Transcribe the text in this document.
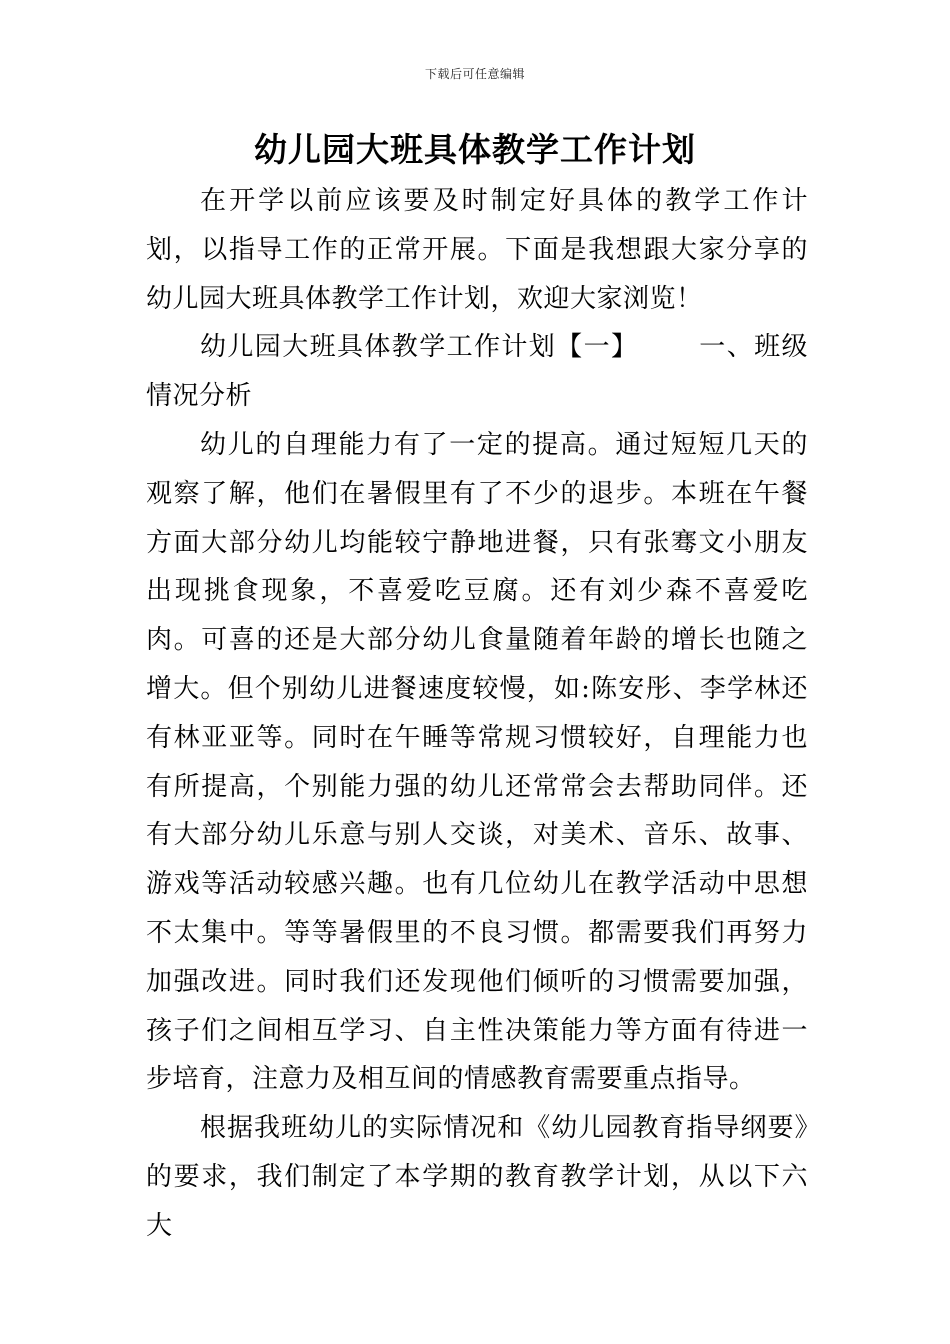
下载后可任意编辑
幼儿园大班具体教学工作计划

在开学以前应该要及时制定好具体的教学工作计划，以指导工作的正常开展。下面是我想跟大家分享的幼儿园大班具体教学工作计划，欢迎大家浏览！

幼儿园大班具体教学工作计划【一】 一、班级情况分析

幼儿的自理能力有了一定的提高。通过短短几天的观察了解，他们在暑假里有了不少的退步。本班在午餐方面大部分幼儿均能较宁静地进餐，只有张骞文小朋友出现挑食现象，不喜爱吃豆腐。还有刘少森不喜爱吃肉。可喜的还是大部分幼儿食量随着年龄的增长也随之增大。但个别幼儿进餐速度较慢，如:陈安彤、李学林还有林亚亚等。同时在午睡等常规习惯较好，自理能力也有所提高，个别能力强的幼儿还常常会去帮助同伴。还有大部分幼儿乐意与别人交谈，对美术、音乐、故事、游戏等活动较感兴趣。也有几位幼儿在教学活动中思想不太集中。等等暑假里的不良习惯。都需要我们再努力加强改进。同时我们还发现他们倾听的习惯需要加强，孩子们之间相互学习、自主性决策能力等方面有待进一步培育，注意力及相互间的情感教育需要重点指导。

根据我班幼儿的实际情况和《幼儿园教育指导纲要》的要求，我们制定了本学期的教育教学计划，从以下六大
